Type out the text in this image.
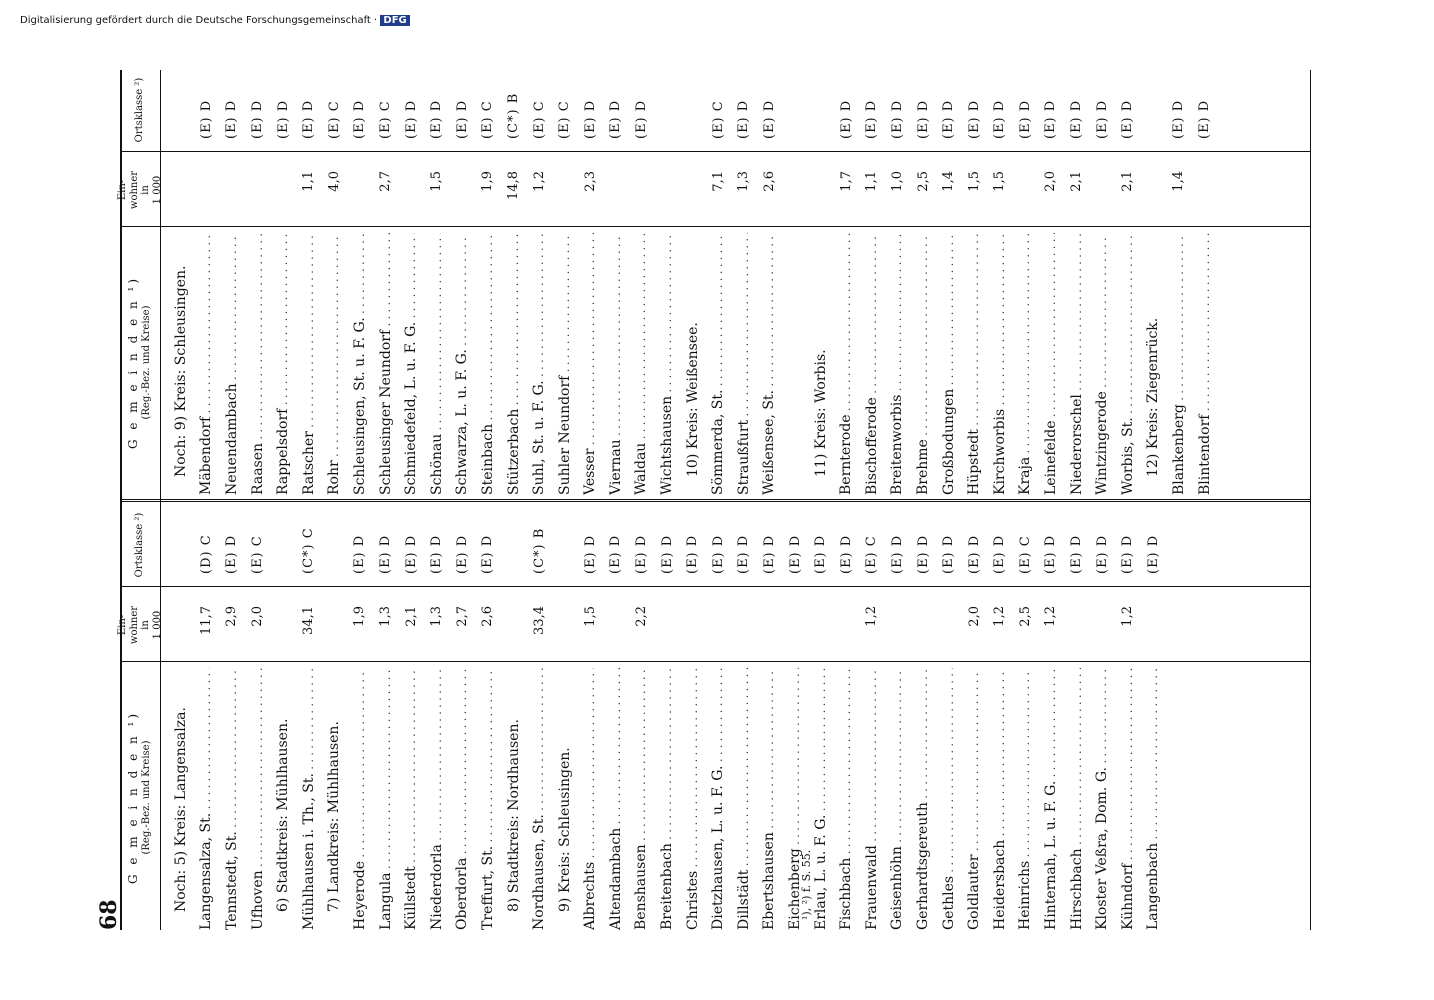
68
G e m e i n d e n ¹) (Reg.-Bez. und Kreise)
Ein-
wohner
in
1 000
Ortsklasse ²)
G e m e i n d e n ¹) (Reg.-Bez. und Kreise)
Ein-
wohner
in
1 000
Ortsklasse ²)
Noch: 5) Kreis: Langensalza. Langensalza, St. . . .
11,7
(D) C
Tennstedt, St. . . .
2,9
(E) D
Ufhoven . . .
2,0
(E) C
6) Stadtkreis: Mühlhausen. Mühlhausen i. Th., St. . . .
34,1
(C*) C
7) Landkreis: Mühlhausen. Heyerode . . .
1,9
(E) D
Langula . . .
1,3
(E) D
Küllstedt . . .
2,1
(E) D
Niederdorla . . .
1,3
(E) D
Oberdorla . . .
2,7
(E) D
Treffurt, St. . . .
2,6
(E) D
8) Stadtkreis: Nordhausen. Nordhausen, St. . . .
33,4
(C*) B
9) Kreis: Schleusingen. Albrechts . . .
1,5
(E) D
Altendambach . . .
(E) D
Benshausen . . .
2,2
(E) D
Breitenbach . . .
(E) D
Christes . . .
(E) D
Dietzhausen, L. u. F. G. . . .
(E) D
Dillstädt . . .
(E) D
Ebertshausen . . .
(E) D
Eichenberg . . .
(E) D
Erlau, L. u. F. G. . . .
(E) D
Fischbach . . .
(E) D
Frauenwald . . .
1,2
(E) C
Geisenhöhn . . .
(E) D
Gerhardtsgereuth . . .
(E) D
Gethles . . .
(E) D
Goldlauter . . .
2,0
(E) D
Heidersbach . . .
1,2
(E) D
Heinrichs . . .
2,5
(E) C
Hinternah, L. u. F. G. . . .
1,2
(E) D
Hirschbach . . .
(E) D
Kloster Veßra, Dom. G. . . .
(E) D
Kühndorf . . .
1,2
(E) D
Langenbach . . .
(E) D
Noch: 9) Kreis: Schleusingen. Mäbendorf . . .
(E) D
Neuendambach . . .
(E) D
Raasen . . .
(E) D
Rappelsdorf . . .
(E) D
Ratscher . . .
1,1
(E) D
Rohr . . .
4,0
(E) C
Schleusingen, St. u. F. G. . . .
(E) D
Schleusinger Neundorf . . .
2,7
(E) C
Schmiedefeld, L. u. F. G. . . .
(E) D
Schönau . . .
1,5
(E) D
Schwarza, L. u. F. G. . . .
(E) D
Steinbach . . .
1,9
(E) C
Stützerbach . . .
14,8
(C*) B
Suhl, St. u. F. G. . . .
1,2
(E) C
Suhler Neundorf . . .
(E) C
Vesser . . .
2,3
(E) D
Viernau . . .
(E) D
Waldau . . .
(E) D
Wichtshausen . . . 10) Kreis: Weißensee. Sömmerda, St. . . .
7,1
(E) C
Straußfurt . . .
1,3
(E) D
Weißensee, St. . . .
2,6
(E) D
11) Kreis: Worbis. Bernterode . . .
1,7
(E) D
Bischofferode . . .
1,1
(E) D
Breitenworbis . . .
1,0
(E) D
Brehme . . .
2,5
(E) D
Großbodungen . . .
1,4
(E) D
Hüpstedt . . .
1,5
(E) D
Kirchworbis . . .
1,5
(E) D
Kraja . . .
(E) D
Leinefelde . . .
2,0
(E) D
Niederorschel . . .
2,1
(E) D
Wintzingerode . . .
(E) D
Worbis, St. . . .
2,1
(E) D
12) Kreis: Ziegenrück. Blankenberg . . .
1,4
(E) D
Blintendorf . . .
(E) D
¹), ²) f. S. 55.
Digitalisierung gefördert durch die Deutsche Forschungsgemeinschaft · DFG
